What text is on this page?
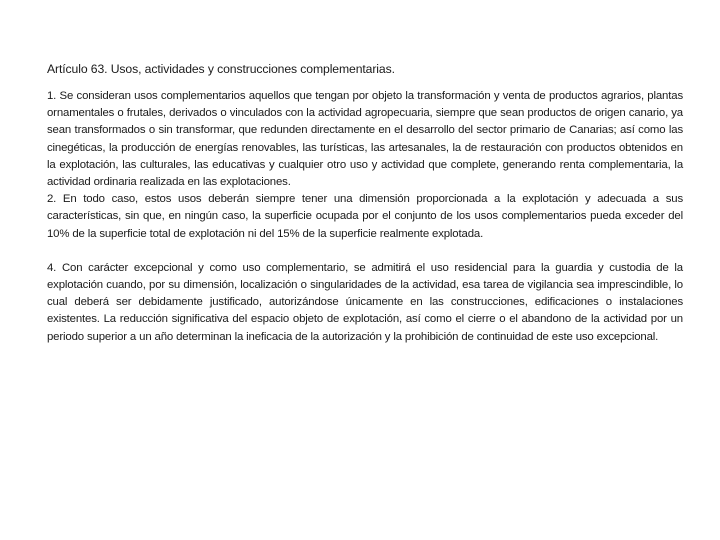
Artículo 63. Usos, actividades y construcciones complementarias.

1. Se consideran usos complementarios aquellos que tengan por objeto la transformación y venta de productos agrarios, plantas ornamentales o frutales, derivados o vinculados con la actividad agropecuaria, siempre que sean productos de origen canario, ya sean transformados o sin transformar, que redunden directamente en el desarrollo del sector primario de Canarias; así como las cinegéticas, la producción de energías renovables, las turísticas, las artesanales, la de restauración con productos obtenidos en la explotación, las culturales, las educativas y cualquier otro uso y actividad que complete, generando renta complementaria, la actividad ordinaria realizada en las explotaciones.

2. En todo caso, estos usos deberán siempre tener una dimensión proporcionada a la explotación y adecuada a sus características, sin que, en ningún caso, la superficie ocupada por el conjunto de los usos complementarios pueda exceder del 10% de la superficie total de explotación ni del 15% de la superficie realmente explotada.

4. Con carácter excepcional y como uso complementario, se admitirá el uso residencial para la guardia y custodia de la explotación cuando, por su dimensión, localización o singularidades de la actividad, esa tarea de vigilancia sea imprescindible, lo cual deberá ser debidamente justificado, autorizándose únicamente en las construcciones, edificaciones o instalaciones existentes. La reducción significativa del espacio objeto de explotación, así como el cierre o el abandono de la actividad por un periodo superior a un año determinan la ineficacia de la autorización y la prohibición de continuidad de este uso excepcional.
